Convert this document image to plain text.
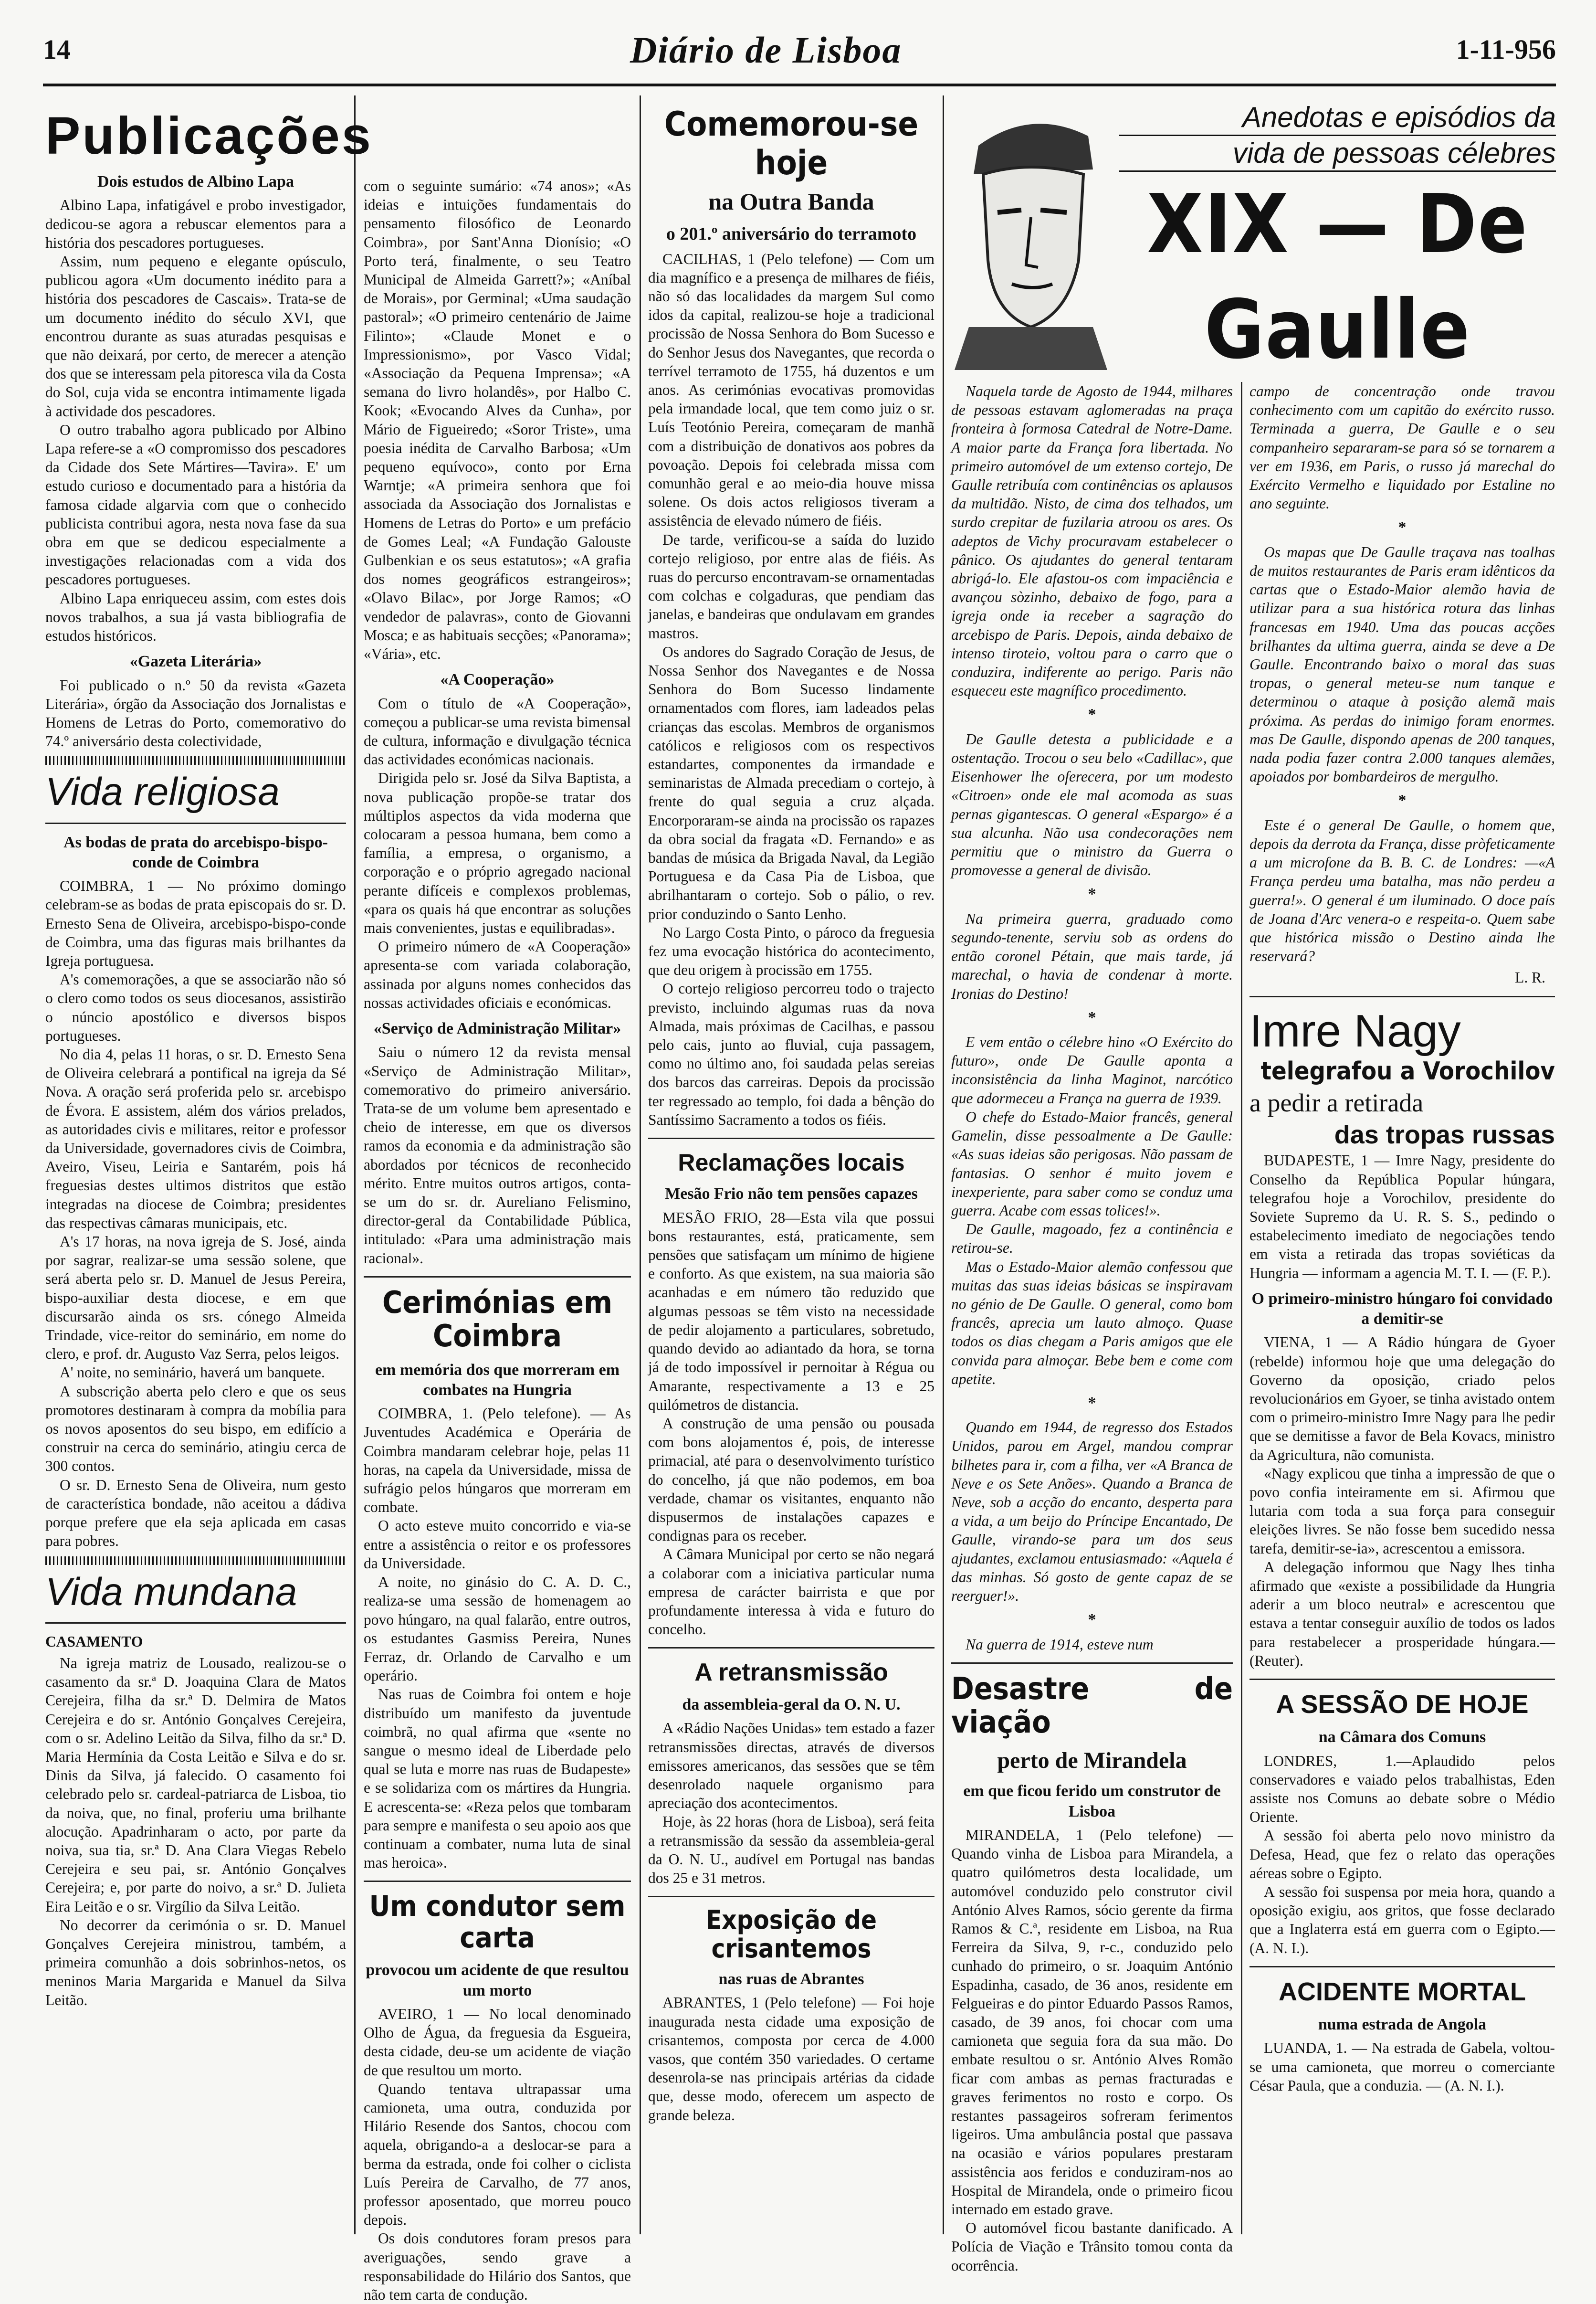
14	Diário de Lisboa	1-11-956
Publicações
Dois estudos de Albino Lapa

Albino Lapa, infatigável e probo investigador, dedicou-se agora a rebuscar elementos para a história dos pescadores portugueses.

Assim, num pequeno e elegante opúsculo, publicou agora «Um documento inédito para a história dos pescadores de Cascais». Trata-se de um documento inédito do século XVI, que encontrou durante as suas aturadas pesquisas e que não deixará, por certo, de merecer a atenção dos que se interessam pela pitoresca vila da Costa do Sol, cuja vida se encontra intimamente ligada à actividade dos pescadores.

O outro trabalho agora publicado por Albino Lapa refere-se a «O compromisso dos pescadores da Cidade dos Sete Mártires—Tavira». E' um estudo curioso e documentado para a história da famosa cidade algarvia com que o conhecido publicista contribui agora, nesta nova fase da sua obra em que se dedicou especialmente a investigações relacionadas com a vida dos pescadores portugueses.

Albino Lapa enriqueceu assim, com estes dois novos trabalhos, a sua já vasta bibliografia de estudos históricos.

«Gazeta Literária»

Foi publicado o n.º 50 da revista «Gazeta Literária», órgão da Associação dos Jornalistas e Homens de Letras do Porto, comemorativo do 74.º aniversário desta colectividade,

Vida religiosa
As bodas de prata do arcebispo-bispo-conde de Coimbra

COIMBRA, 1 — No próximo domingo celebram-se as bodas de prata episcopais do sr. D. Ernesto Sena de Oliveira, arcebispo-bispo-conde de Coimbra, uma das figuras mais brilhantes da Igreja portuguesa.

A's comemorações, a que se associarão não só o clero como todos os seus diocesanos, assistirão o núncio apostólico e diversos bispos portugueses.

No dia 4, pelas 11 horas, o sr. D. Ernesto Sena de Oliveira celebrará a pontifical na igreja da Sé Nova. A oração será proferida pelo sr. arcebispo de Évora. E assistem, além dos vários prelados, as autoridades civis e militares, reitor e professor da Universidade, governadores civis de Coimbra, Aveiro, Viseu, Leiria e Santarém, pois há freguesias destes ultimos distritos que estão integradas na diocese de Coimbra; presidentes das respectivas câmaras municipais, etc.

A's 17 horas, na nova igreja de S. José, ainda por sagrar, realizar-se uma sessão solene, que será aberta pelo sr. D. Manuel de Jesus Pereira, bispo-auxiliar desta diocese, e em que discursarão ainda os srs. cónego Almeida Trindade, vice-reitor do seminário, em nome do clero, e prof. dr. Augusto Vaz Serra, pelos leigos.

A' noite, no seminário, haverá um banquete.

A subscrição aberta pelo clero e que os seus promotores destinaram à compra da mobília para os novos aposentos do seu bispo, em edifício a construir na cerca do seminário, atingiu cerca de 300 contos.

O sr. D. Ernesto Sena de Oliveira, num gesto de característica bondade, não aceitou a dádiva porque prefere que ela seja aplicada em casas para pobres.

Vida mundana
CASAMENTO

Na igreja matriz de Lousado, realizou-se o casamento da sr.ª D. Joaquina Clara de Matos Cerejeira, filha da sr.ª D. Delmira de Matos Cerejeira e do sr. António Gonçalves Cerejeira, com o sr. Adelino Leitão da Silva, filho da sr.ª D. Maria Hermínia da Costa Leitão e Silva e do sr. Dinis da Silva, já falecido. O casamento foi celebrado pelo sr. cardeal-patriarca de Lisboa, tio da noiva, que, no final, proferiu uma brilhante alocução. Apadrinharam o acto, por parte da noiva, sua tia, sr.ª D. Ana Clara Viegas Rebelo Cerejeira e seu pai, sr. António Gonçalves Cerejeira; e, por parte do noivo, a sr.ª D. Julieta Eira Leitão e o sr. Virgílio da Silva Leitão.

No decorrer da cerimónia o sr. D. Manuel Gonçalves Cerejeira ministrou, também, a primeira comunhão a dois sobrinhos-netos, os meninos Maria Margarida e Manuel da Silva Leitão.

com o seguinte sumário: «74 anos»; «As ideias e intuições fundamentais do pensamento filosófico de Leonardo Coimbra», por Sant'Anna Dionísio; «O Porto terá, finalmente, o seu Teatro Municipal de Almeida Garrett?»; «Aníbal de Morais», por Germinal; «Uma saudação pastoral»; «O primeiro centenário de Jaime Filinto»; «Claude Monet e o Impressionismo», por Vasco Vidal; «Associação da Pequena Imprensa»; «A semana do livro holandês», por Halbo C. Kook; «Evocando Alves da Cunha», por Mário de Figueiredo; «Soror Triste», uma poesia inédita de Carvalho Barbosa; «Um pequeno equívoco», conto por Erna Warntje; «A primeira senhora que foi associada da Associação dos Jornalistas e Homens de Letras do Porto» e um prefácio de Gomes Leal; «A Fundação Galouste Gulbenkian e os seus estatutos»; «A grafia dos nomes geográficos estrangeiros»; «Olavo Bilac», por Jorge Ramos; «O vendedor de palavras», conto de Giovanni Mosca; e as habituais secções; «Panorama»; «Vária», etc.

«A Cooperação»

Com o título de «A Cooperação», começou a publicar-se uma revista bimensal de cultura, informação e divulgação técnica das actividades económicas nacionais.

Dirigida pelo sr. José da Silva Baptista, a nova publicação propõe-se tratar dos múltiplos aspectos da vida moderna que colocaram a pessoa humana, bem como a família, a empresa, o organismo, a corporação e o próprio agregado nacional perante difíceis e complexos problemas, «para os quais há que encontrar as soluções mais convenientes, justas e equilibradas».

O primeiro número de «A Cooperação» apresenta-se com variada colaboração, assinada por alguns nomes conhecidos das nossas actividades oficiais e económicas.

«Serviço de Administração Militar»

Saiu o número 12 da revista mensal «Serviço de Administração Militar», comemorativo do primeiro aniversário. Trata-se de um volume bem apresentado e cheio de interesse, em que os diversos ramos da economia e da administração são abordados por técnicos de reconhecido mérito. Entre muitos outros artigos, conta-se um do sr. dr. Aureliano Felismino, director-geral da Contabilidade Pública, intitulado: «Para uma administração mais racional».

Cerimónias em Coimbra
em memória dos que morreram em combates na Hungria

COIMBRA, 1. (Pelo telefone). — As Juventudes Académica e Operária de Coimbra mandaram celebrar hoje, pelas 11 horas, na capela da Universidade, missa de sufrágio pelos húngaros que morreram em combate.

O acto esteve muito concorrido e via-se entre a assistência o reitor e os professores da Universidade.

A noite, no ginásio do C. A. D. C., realiza-se uma sessão de homenagem ao povo húngaro, na qual falarão, entre outros, os estudantes Gasmiss Pereira, Nunes Ferraz, dr. Orlando de Carvalho e um operário.

Nas ruas de Coimbra foi ontem e hoje distribuído um manifesto da juventude coimbrã, no qual afirma que «sente no sangue o mesmo ideal de Liberdade pelo qual se luta e morre nas ruas de Budapeste» e se solidariza com os mártires da Hungria. E acrescenta-se: «Reza pelos que tombaram para sempre e manifesta o seu apoio aos que continuam a combater, numa luta de sinal mas heroica».

Um condutor sem carta
provocou um acidente de que resultou um morto

AVEIRO, 1 — No local denominado Olho de Água, da freguesia da Esgueira, desta cidade, deu-se um acidente de viação de que resultou um morto.

Quando tentava ultrapassar uma camioneta, uma outra, conduzida por Hilário Resende dos Santos, chocou com aquela, obrigando-a a deslocar-se para a berma da estrada, onde foi colher o ciclista Luís Pereira de Carvalho, de 77 anos, professor aposentado, que morreu pouco depois.

Os dois condutores foram presos para averiguações, sendo grave a responsabilidade do Hilário dos Santos, que não tem carta de condução.

Comemorou-se hoje
na Outra Banda
o 201.º aniversário do terramoto

CACILHAS, 1 (Pelo telefone) — Com um dia magnífico e a presença de milhares de fiéis, não só das localidades da margem Sul como idos da capital, realizou-se hoje a tradicional procissão de Nossa Senhora do Bom Sucesso e do Senhor Jesus dos Navegantes, que recorda o terrível terramoto de 1755, há duzentos e um anos. As cerimónias evocativas promovidas pela irmandade local, que tem como juiz o sr. Luís Teotónio Pereira, começaram de manhã com a distribuição de donativos aos pobres da povoação. Depois foi celebrada missa com comunhão geral e ao meio-dia houve missa solene. Os dois actos religiosos tiveram a assistência de elevado número de fiéis.

De tarde, verificou-se a saída do luzido cortejo religioso, por entre alas de fiéis. As ruas do percurso encontravam-se ornamentadas com colchas e colgaduras, que pendiam das janelas, e bandeiras que ondulavam em grandes mastros.

Os andores do Sagrado Coração de Jesus, de Nossa Senhor dos Navegantes e de Nossa Senhora do Bom Sucesso lindamente ornamentados com flores, iam ladeados pelas crianças das escolas. Membros de organismos católicos e religiosos com os respectivos estandartes, componentes da irmandade e seminaristas de Almada precediam o cortejo, à frente do qual seguia a cruz alçada. Encorporaram-se ainda na procissão os rapazes da obra social da fragata «D. Fernando» e as bandas de música da Brigada Naval, da Legião Portuguesa e da Casa Pia de Lisboa, que abrilhantaram o cortejo. Sob o pálio, o rev. prior conduzindo o Santo Lenho.

No Largo Costa Pinto, o pároco da freguesia fez uma evocação histórica do acontecimento, que deu origem à procissão em 1755.

O cortejo religioso percorreu todo o trajecto previsto, incluindo algumas ruas da nova Almada, mais próximas de Cacilhas, e passou pelo cais, junto ao fluvial, cuja passagem, como no último ano, foi saudada pelas sereias dos barcos das carreiras. Depois da procissão ter regressado ao templo, foi dada a bênção do Santíssimo Sacramento a todos os fiéis.

Reclamações locais
Mesão Frio não tem pensões capazes

MESÃO FRIO, 28—Esta vila que possui bons restaurantes, está, praticamente, sem pensões que satisfaçam um mínimo de higiene e conforto. As que existem, na sua maioria são acanhadas e em número tão reduzido que algumas pessoas se têm visto na necessidade de pedir alojamento a particulares, sobretudo, quando devido ao adiantado da hora, se torna já de todo impossível ir pernoitar à Régua ou Amarante, respectivamente a 13 e 25 quilómetros de distancia.

A construção de uma pensão ou pousada com bons alojamentos é, pois, de interesse primacial, até para o desenvolvimento turístico do concelho, já que não podemos, em boa verdade, chamar os visitantes, enquanto não dispusermos de instalações capazes e condignas para os receber.

A Câmara Municipal por certo se não negará a colaborar com a iniciativa particular numa empresa de carácter bairrista e que por profundamente interessa à vida e futuro do concelho.

A retransmissão
da assembleia-geral da O. N. U.

A «Rádio Nações Unidas» tem estado a fazer retransmissões directas, através de diversos emissores americanos, das sessões que se têm desenrolado naquele organismo para apreciação dos acontecimentos.

Hoje, às 22 horas (hora de Lisboa), será feita a retransmissão da sessão da assembleia-geral da O. N. U., audível em Portugal nas bandas dos 25 e 31 metros.

Exposição de crisantemos
nas ruas de Abrantes

ABRANTES, 1 (Pelo telefone) — Foi hoje inaugurada nesta cidade uma exposição de crisantemos, composta por cerca de 4.000 vasos, que contém 350 variedades. O certame desenrola-se nas principais artérias da cidade que, desse modo, oferecem um aspecto de grande beleza.

Naquela tarde de Agosto de 1944, milhares de pessoas estavam aglomeradas na praça fronteira à formosa Catedral de Notre-Dame. A maior parte da França fora libertada. No primeiro automóvel de um extenso cortejo, De Gaulle retribuía com continências os aplausos da multidão. Nisto, de cima dos telhados, um surdo crepitar de fuzilaria atroou os ares. Os adeptos de Vichy procuravam estabelecer o pânico. Os ajudantes do general tentaram abrigá-lo. Ele afastou-os com impaciência e avançou sòzinho, debaixo de fogo, para a igreja onde ia receber a sagração do arcebispo de Paris. Depois, ainda debaixo de intenso tiroteio, voltou para o carro que o conduzira, indiferente ao perigo. Paris não esqueceu este magnífico procedimento.

*

De Gaulle detesta a publicidade e a ostentação. Trocou o seu belo «Cadillac», que Eisenhower lhe oferecera, por um modesto «Citroen» onde ele mal acomoda as suas pernas gigantescas. O general «Espargo» é a sua alcunha. Não usa condecorações nem permitiu que o ministro da Guerra o promovesse a general de divisão.

*

Na primeira guerra, graduado como segundo-tenente, serviu sob as ordens do então coronel Pétain, que mais tarde, já marechal, o havia de condenar à morte. Ironias do Destino!

*

E vem então o célebre hino «O Exército do futuro», onde De Gaulle aponta a inconsistência da linha Maginot, narcótico que adormeceu a França na guerra de 1939.

O chefe do Estado-Maior francês, general Gamelin, disse pessoalmente a De Gaulle: «As suas ideias são perigosas. Não passam de fantasias. O senhor é muito jovem e inexperiente, para saber como se conduz uma guerra. Acabe com essas tolices!».

De Gaulle, magoado, fez a continência e retirou-se.

Mas o Estado-Maior alemão confessou que muitas das suas ideias básicas se inspiravam no génio de De Gaulle. O general, como bom francês, aprecia um lauto almoço. Quase todos os dias chegam a Paris amigos que ele convida para almoçar. Bebe bem e come com apetite.

*

Quando em 1944, de regresso dos Estados Unidos, parou em Argel, mandou comprar bilhetes para ir, com a filha, ver «A Branca de Neve e os Sete Anões». Quando a Branca de Neve, sob a acção do encanto, desperta para a vida, a um beijo do Príncipe Encantado, De Gaulle, virando-se para um dos seus ajudantes, exclamou entusiasmado: «Aquela é das minhas. Só gosto de gente capaz de se reerguer!».

*

Na guerra de 1914, esteve num

Desastre de viação
perto de Mirandela
em que ficou ferido um construtor de Lisboa

MIRANDELA, 1 (Pelo telefone) — Quando vinha de Lisboa para Mirandela, a quatro quilómetros desta localidade, um automóvel conduzido pelo construtor civil António Alves Ramos, sócio gerente da firma Ramos & C.ª, residente em Lisboa, na Rua Ferreira da Silva, 9, r-c., conduzido pelo cunhado do primeiro, o sr. Joaquim António Espadinha, casado, de 36 anos, residente em Felgueiras e do pintor Eduardo Passos Ramos, casado, de 39 anos, foi chocar com uma camioneta que seguia fora da sua mão. Do embate resultou o sr. António Alves Romão ficar com ambas as pernas fracturadas e graves ferimentos no rosto e corpo. Os restantes passageiros sofreram ferimentos ligeiros. Uma ambulância postal que passava na ocasião e vários populares prestaram assistência aos feridos e conduziram-nos ao Hospital de Mirandela, onde o primeiro ficou internado em estado grave.

O automóvel ficou bastante danificado. A Polícia de Viação e Trânsito tomou conta da ocorrência.

Anedotas e episódios da
vida de pessoas célebres
XIX — De Gaulle

campo de concentração onde travou conhecimento com um capitão do exército russo. Terminada a guerra, De Gaulle e o seu companheiro separaram-se para só se tornarem a ver em 1936, em Paris, o russo já marechal do Exército Vermelho e liquidado por Estaline no ano seguinte.

*

Os mapas que De Gaulle traçava nas toalhas de muitos restaurantes de Paris eram idênticos da cartas que o Estado-Maior alemão havia de utilizar para a sua histórica rotura das linhas francesas em 1940. Uma das poucas acções brilhantes da ultima guerra, ainda se deve a De Gaulle. Encontrando baixo o moral das suas tropas, o general meteu-se num tanque e determinou o ataque à posição alemã mais próxima. As perdas do inimigo foram enormes. mas De Gaulle, dispondo apenas de 200 tanques, nada podia fazer contra 2.000 tanques alemães, apoiados por bombardeiros de mergulho.

*

Este é o general De Gaulle, o homem que, depois da derrota da França, disse pròfeticamente a um microfone da B. B. C. de Londres: —«A França perdeu uma batalha, mas não perdeu a guerra!». O general é um iluminado. O doce país de Joana d'Arc venera-o e respeita-o. Quem sabe que histórica missão o Destino ainda lhe reservará?

L. R.
Imre Nagy
telegrafou a Vorochilov
a pedir a retirada
das tropas russas

BUDAPESTE, 1 — Imre Nagy, presidente do Conselho da República Popular húngara, telegrafou hoje a Vorochilov, presidente do Soviete Supremo da U. R. S. S., pedindo o estabelecimento imediato de negociações tendo em vista a retirada das tropas soviéticas da Hungria — informam a agencia M. T. I. — (F. P.).

O primeiro-ministro húngaro foi convidado a demitir-se

VIENA, 1 — A Rádio húngara de Gyoer (rebelde) informou hoje que uma delegação do Governo da oposição, criado pelos revolucionários em Gyoer, se tinha avistado ontem com o primeiro-ministro Imre Nagy para lhe pedir que se demitisse a favor de Bela Kovacs, ministro da Agricultura, não comunista.

«Nagy explicou que tinha a impressão de que o povo confia inteiramente em si. Afirmou que lutaria com toda a sua força para conseguir eleições livres. Se não fosse bem sucedido nessa tarefa, demitir-se-ia», acrescentou a emissora.

A delegação informou que Nagy lhes tinha afirmado que «existe a possibilidade da Hungria aderir a um bloco neutral» e acrescentou que estava a tentar conseguir auxílio de todos os lados para restabelecer a prosperidade húngara.— (Reuter).

A SESSÃO DE HOJE
na Câmara dos Comuns

LONDRES, 1.—Aplaudido pelos conservadores e vaiado pelos trabalhistas, Eden assiste nos Comuns ao debate sobre o Médio Oriente.

A sessão foi aberta pelo novo ministro da Defesa, Head, que fez o relato das operações aéreas sobre o Egipto.

A sessão foi suspensa por meia hora, quando a oposição exigiu, aos gritos, que fosse declarado que a Inglaterra está em guerra com o Egipto.—(A. N. I.).

ACIDENTE MORTAL
numa estrada de Angola

LUANDA, 1. — Na estrada de Gabela, voltou-se uma camioneta, que morreu o comerciante César Paula, que a conduzia. — (A. N. I.).
